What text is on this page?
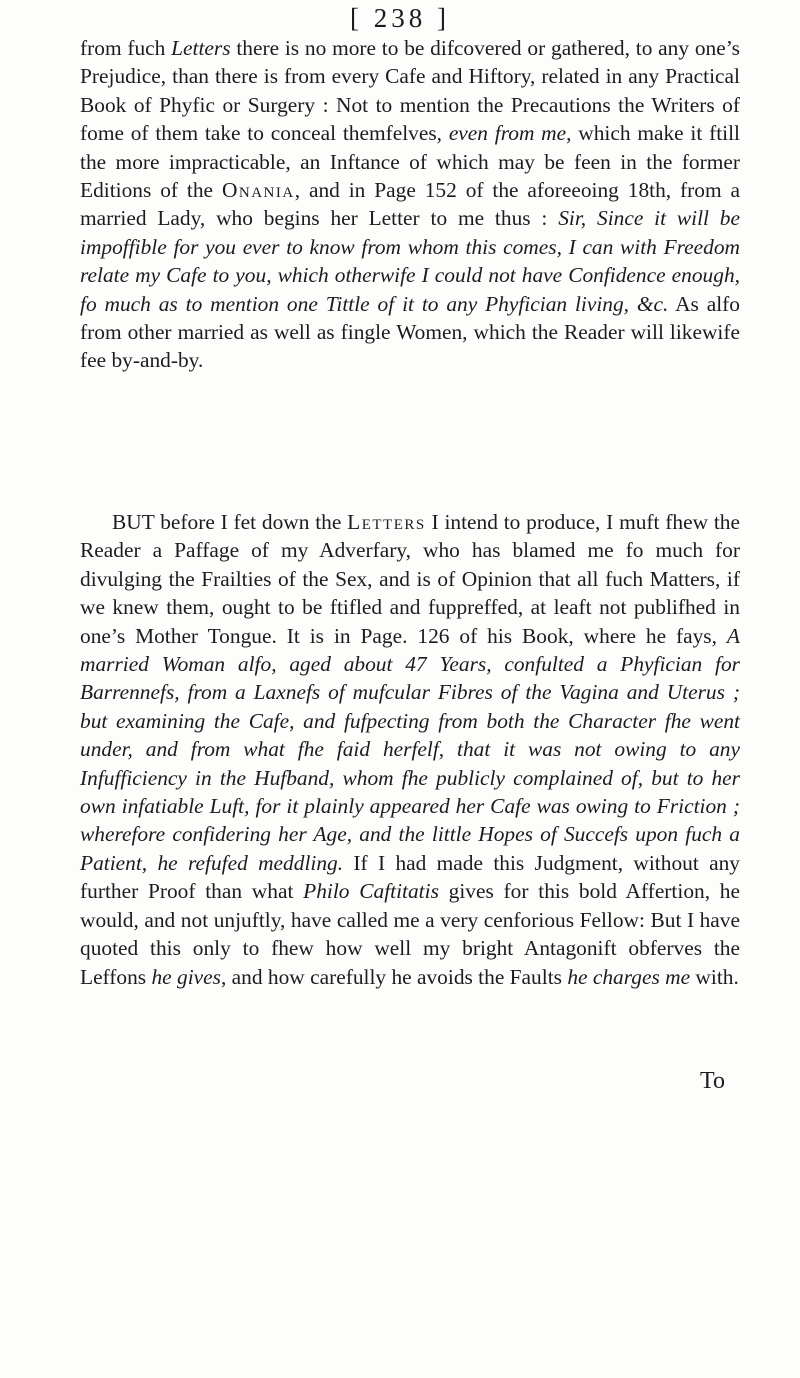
[ 238 ]

from fuch Letters there is no more to be difcovered or gathered, to any one’s Prejudice, than there is from every Cafe and Hiftory, related in any Practical Book of Phyfic or Surgery : Not to mention the Precautions the Writers of fome of them take to conceal themfelves, even from me, which make it ftill the more impracticable, an Inftance of which may be feen in the former Editions of the Onania, and in Page 152 of the aforeeoing 18th, from a married Lady, who begins her Letter to me thus : Sir, Since it will be impoffible for you ever to know from whom this comes, I can with Freedom relate my Cafe to you, which otherwife I could not have Confidence enough, fo much as to mention one Tittle of it to any Phyfician living, &c. As alfo from other married as well as fingle Women, which the Reader will likewife fee by-and-by.

BUT before I fet down the Letters I intend to produce, I muft fhew the Reader a Paffage of my Adverfary, who has blamed me fo much for divulging the Frailties of the Sex, and is of Opinion that all fuch Matters, if we knew them, ought to be ftifled and fuppreffed, at leaft not publifhed in one’s Mother Tongue. It is in Page. 126 of his Book, where he fays, A married Woman alfo, aged about 47 Years, confulted a Phyfician for Barrennefs, from a Laxnefs of mufcular Fibres of the Vagina and Uterus ; but examining the Cafe, and fufpecting from both the Character fhe went under, and from what fhe faid herfelf, that it was not owing to any Infufficiency in the Hufband, whom fhe publicly complained of, but to her own infatiable Luft, for it plainly appeared her Cafe was owing to Friction ; wherefore confidering her Age, and the little Hopes of Succefs upon fuch a Patient, he refufed meddling. If I had made this Judgment, without any further Proof than what Philo Caftitatis gives for this bold Affertion, he would, and not unjuftly, have called me a very cenforious Fellow: But I have quoted this only to fhew how well my bright Antagonift obferves the Leffons he gives, and how carefully he avoids the Faults he charges me with.

To
